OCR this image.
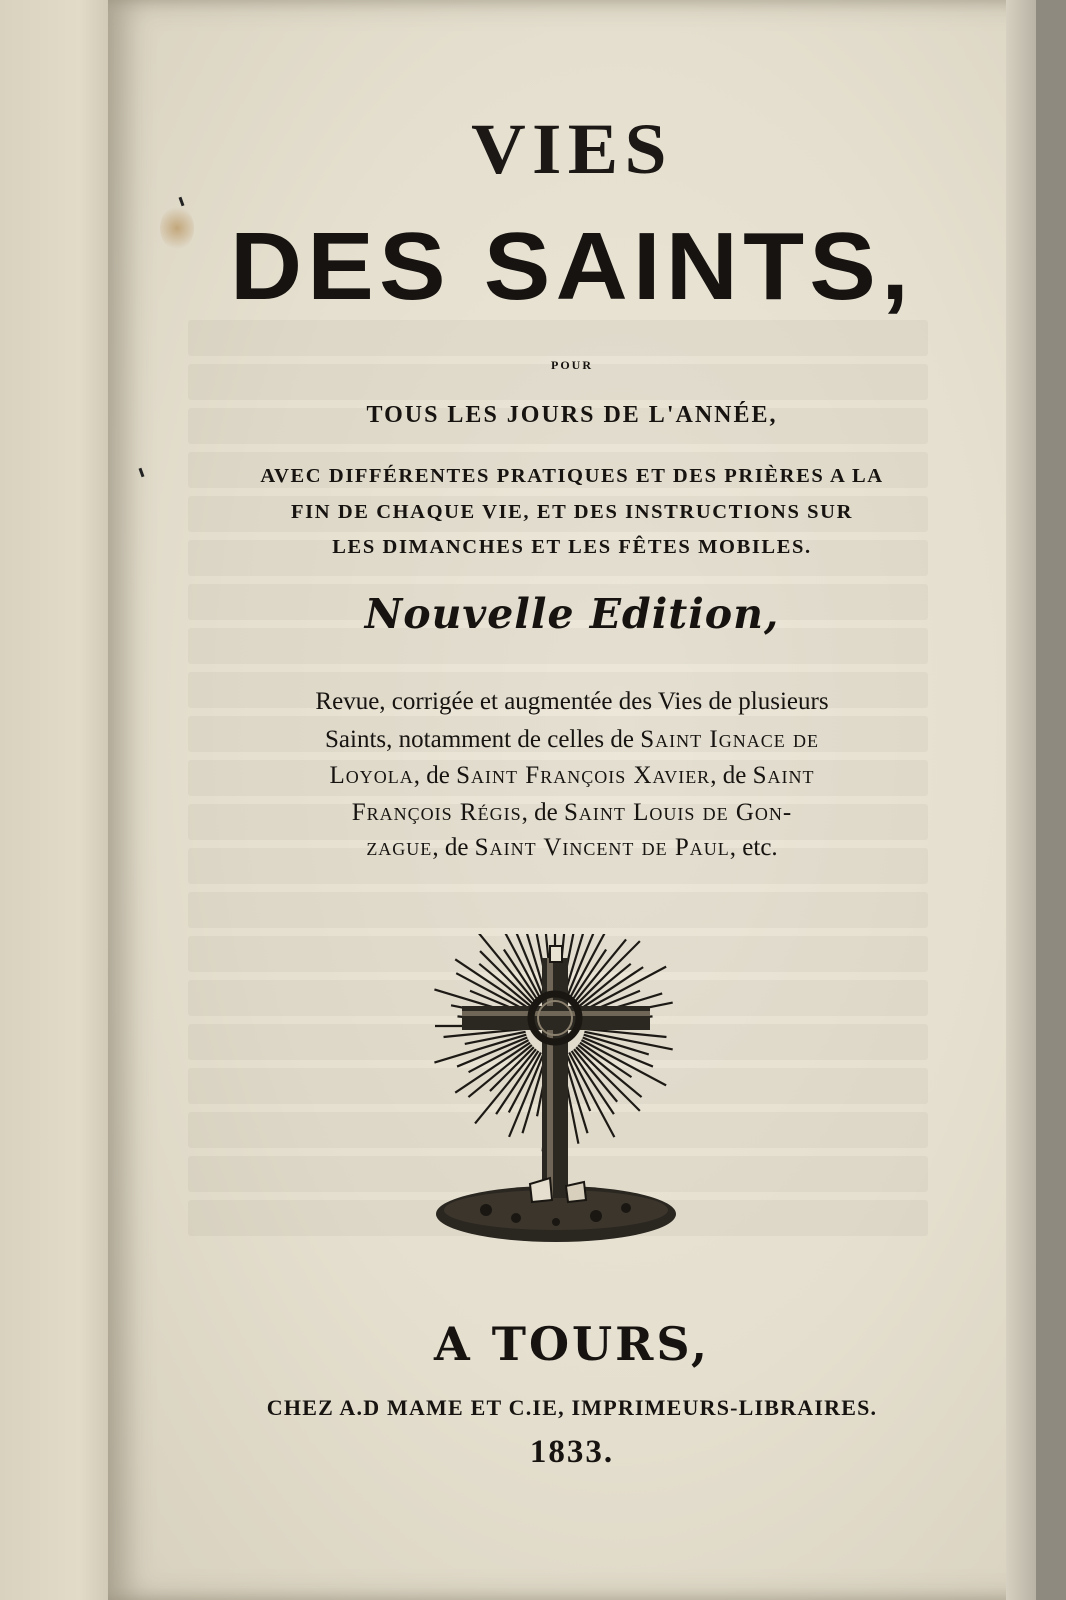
VIES
DES SAINTS,
pour
TOUS LES JOURS DE L'ANNÉE,
AVEC DIFFÉRENTES PRATIQUES ET DES PRIÈRES A LA
FIN DE CHAQUE VIE, ET DES INSTRUCTIONS SUR
LES DIMANCHES ET LES FÊTES MOBILES.
Nouvelle Edition,
Revue, corrigée et augmentée des Vies de plusieurs
Saints, notamment de celles de Saint Ignace de
Loyola, de Saint François Xavier, de Saint
François Régis, de Saint Louis de Gon-
zague, de Saint Vincent de Paul, etc.
A TOURS,
CHEZ A.D MAME ET C.IE, IMPRIMEURS-LIBRAIRES.
1833.
